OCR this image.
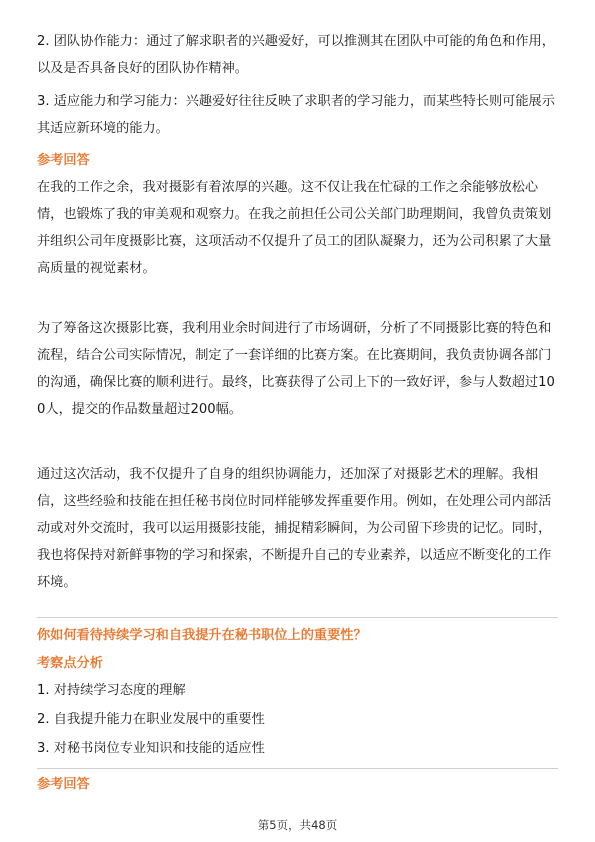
2. 团队协作能力：通过了解求职者的兴趣爱好，可以推测其在团队中可能的角色和作用，以及是否具备良好的团队协作精神。

3. 适应能力和学习能力：兴趣爱好往往反映了求职者的学习能力，而某些特长则可能展示其适应新环境的能力。

参考回答

在我的工作之余，我对摄影有着浓厚的兴趣。这不仅让我在忙碌的工作之余能够放松心情，也锻炼了我的审美观和观察力。在我之前担任公司公关部门助理期间，我曾负责策划并组织公司年度摄影比赛，这项活动不仅提升了员工的团队凝聚力，还为公司积累了大量高质量的视觉素材。

为了筹备这次摄影比赛，我利用业余时间进行了市场调研，分析了不同摄影比赛的特色和流程，结合公司实际情况，制定了一套详细的比赛方案。在比赛期间，我负责协调各部门的沟通，确保比赛的顺利进行。最终，比赛获得了公司上下的一致好评，参与人数超过100人，提交的作品数量超过200幅。

通过这次活动，我不仅提升了自身的组织协调能力，还加深了对摄影艺术的理解。我相信，这些经验和技能在担任秘书岗位时同样能够发挥重要作用。例如，在处理公司内部活动或对外交流时，我可以运用摄影技能，捕捉精彩瞬间，为公司留下珍贵的记忆。同时，我也将保持对新鲜事物的学习和探索，不断提升自己的专业素养，以适应不断变化的工作环境。

你如何看待持续学习和自我提升在秘书职位上的重要性？

考察点分析

1. 对持续学习态度的理解

2. 自我提升能力在职业发展中的重要性

3. 对秘书岗位专业知识和技能的适应性

参考回答

第5页，共48页
